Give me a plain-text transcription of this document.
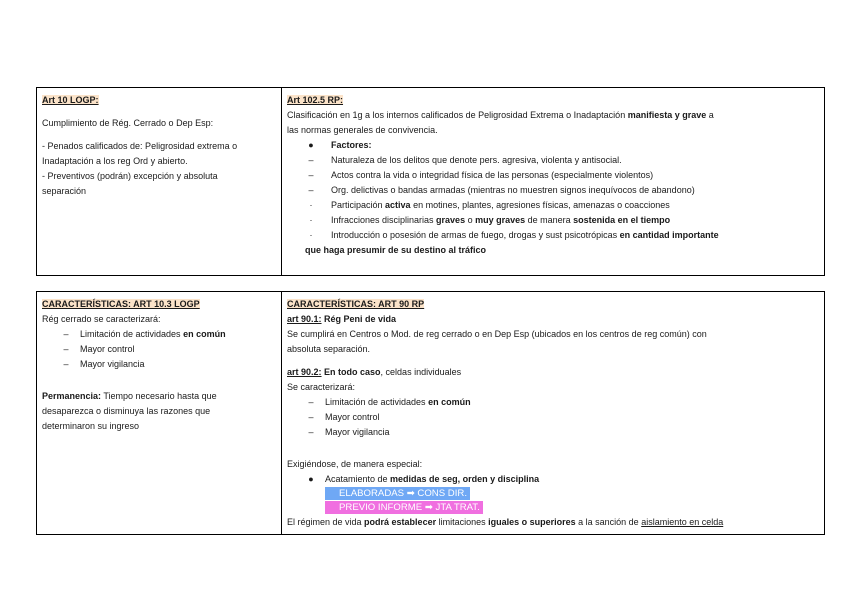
Art 10 LOGP:
Cumplimiento de Rég. Cerrado o Dep Esp:
- Penados calificados de: Peligrosidad extrema o
Inadaptación a los reg Ord y abierto.
- Preventivos (podrán) excepción y absoluta
separación

Art 102.5 RP:
Clasificación en 1g a los internos calificados de Peligrosidad Extrema o Inadaptación manifiesta y grave a
las normas generales de convivencia.
●	Factores:
–	Naturaleza de los delitos que denote pers. agresiva, violenta y antisocial.
–	Actos contra la vida o integridad física de las personas (especialmente violentos)
–	Org. delictivas o bandas armadas (mientras no muestren signos inequívocos de abandono)
·	Participación activa en motines, plantes, agresiones físicas, amenazas o coacciones
·	Infracciones disciplinarias graves o muy graves de manera sostenida en el tiempo
·	Introducción o posesión de armas de fuego, drogas y sust psicotrópicas en cantidad importante
que haga presumir de su destino al tráfico
CARACTERÍSTICAS: ART 10.3 LOGP
Rég cerrado se caracterizará:
–	Limitación de actividades en común
–	Mayor control
–	Mayor vigilancia
Permanencia: Tiempo necesario hasta que
desaparezca o disminuya las razones que
determinaron su ingreso

CARACTERÍSTICAS: ART 90 RP
art 90.1: Rég Peni de vida
Se cumplirá en Centros o Mod. de reg cerrado o en Dep Esp (ubicados en los centros de reg común) con
absoluta separación.
art 90.2: En todo caso, celdas individuales
Se caracterizará:
–	Limitación de actividades en común
–	Mayor control
–	Mayor vigilancia
Exigiéndose, de manera especial:
●	Acatamiento de medidas de seg, orden y disciplina
ELABORADAS ➡ CONS DIR.
PREVIO INFORME ➡ JTA TRAT.
El régimen de vida podrá establecer limitaciones iguales o superiores a la sanción de aislamiento en celda
